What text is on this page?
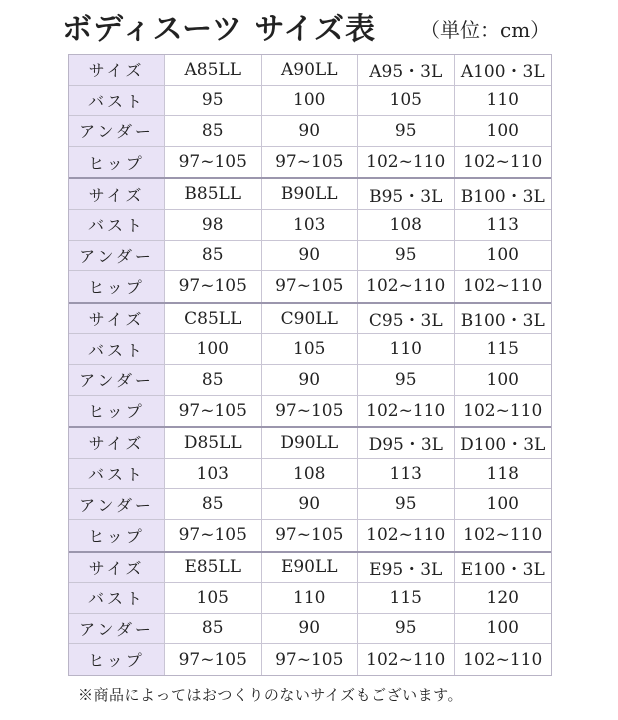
ボディスーツ サイズ表 （単位：cm）
サイズ	A85LL	A90LL	A95・3L	A100・3L
バスト	95	100	105	110
アンダー	85	90	95	100
ヒップ	97~105	97~105	102~110	102~110
サイズ	B85LL	B90LL	B95・3L	B100・3L
バスト	98	103	108	113
アンダー	85	90	95	100
ヒップ	97~105	97~105	102~110	102~110
サイズ	C85LL	C90LL	C95・3L	B100・3L
バスト	100	105	110	115
アンダー	85	90	95	100
ヒップ	97~105	97~105	102~110	102~110
サイズ	D85LL	D90LL	D95・3L	D100・3L
バスト	103	108	113	118
アンダー	85	90	95	100
ヒップ	97~105	97~105	102~110	102~110
サイズ	E85LL	E90LL	E95・3L	E100・3L
バスト	105	110	115	120
アンダー	85	90	95	100
ヒップ	97~105	97~105	102~110	102~110
※商品によってはおつくりのないサイズもございます。
